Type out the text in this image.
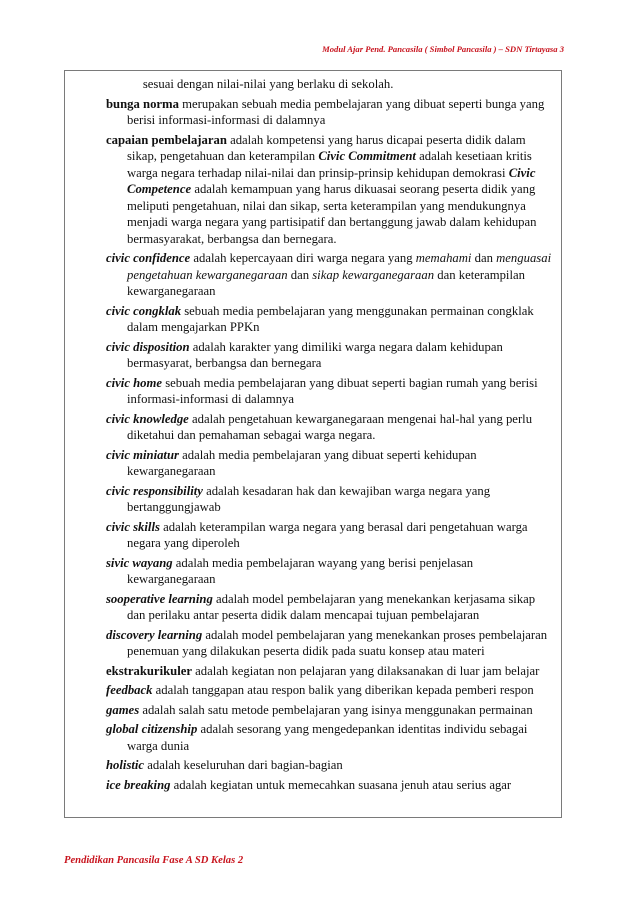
Modul Ajar Pend. Pancasila ( Simbol Pancasila ) – SDN Tirtayasa 3

sesuai dengan nilai-nilai yang berlaku di sekolah.

bunga norma merupakan sebuah media pembelajaran yang dibuat seperti bunga yang berisi informasi-informasi di dalamnya

capaian pembelajaran adalah kompetensi yang harus dicapai peserta didik dalam sikap, pengetahuan dan keterampilan Civic Commitment adalah kesetiaan kritis warga negara terhadap nilai-nilai dan prinsip-prinsip kehidupan demokrasi Civic Competence adalah kemampuan yang harus dikuasai seorang peserta didik yang meliputi pengetahuan, nilai dan sikap, serta keterampilan yang mendukungnya menjadi warga negara yang partisipatif dan bertanggung jawab dalam kehidupan bermasyarakat, berbangsa dan bernegara.

civic confidence adalah kepercayaan diri warga negara yang memahami dan menguasai pengetahuan kewarganegaraan dan sikap kewarganegaraan dan keterampilan kewarganegaraan

civic congklak sebuah media pembelajaran yang menggunakan permainan congklak dalam mengajarkan PPKn

civic disposition adalah karakter yang dimiliki warga negara dalam kehidupan bermasyarat, berbangsa dan bernegara

civic home sebuah media pembelajaran yang dibuat seperti bagian rumah yang berisi informasi-informasi di dalamnya

civic knowledge adalah pengetahuan kewarganegaraan mengenai hal-hal yang perlu diketahui dan pemahaman sebagai warga negara.

civic miniatur adalah media pembelajaran yang dibuat seperti kehidupan kewarganegaraan

civic responsibility adalah kesadaran hak dan kewajiban warga negara yang bertanggungjawab

civic skills adalah keterampilan warga negara yang berasal dari pengetahuan warga negara yang diperoleh

sivic wayang adalah media pembelajaran wayang yang berisi penjelasan kewarganegaraan

sooperative learning adalah model pembelajaran yang menekankan kerjasama sikap dan perilaku antar peserta didik dalam mencapai tujuan pembelajaran

discovery learning adalah model pembelajaran yang menekankan proses pembelajaran penemuan yang dilakukan peserta didik pada suatu konsep atau materi

ekstrakurikuler adalah kegiatan non pelajaran yang dilaksanakan di luar jam belajar

feedback adalah tanggapan atau respon balik yang diberikan kepada pemberi respon

games adalah salah satu metode pembelajaran yang isinya menggunakan permainan

global citizenship adalah sesorang yang mengedepankan identitas individu sebagai warga dunia

holistic adalah keseluruhan dari bagian-bagian

ice breaking adalah kegiatan untuk memecahkan suasana jenuh atau serius agar

Pendidikan Pancasila Fase A SD Kelas 2
